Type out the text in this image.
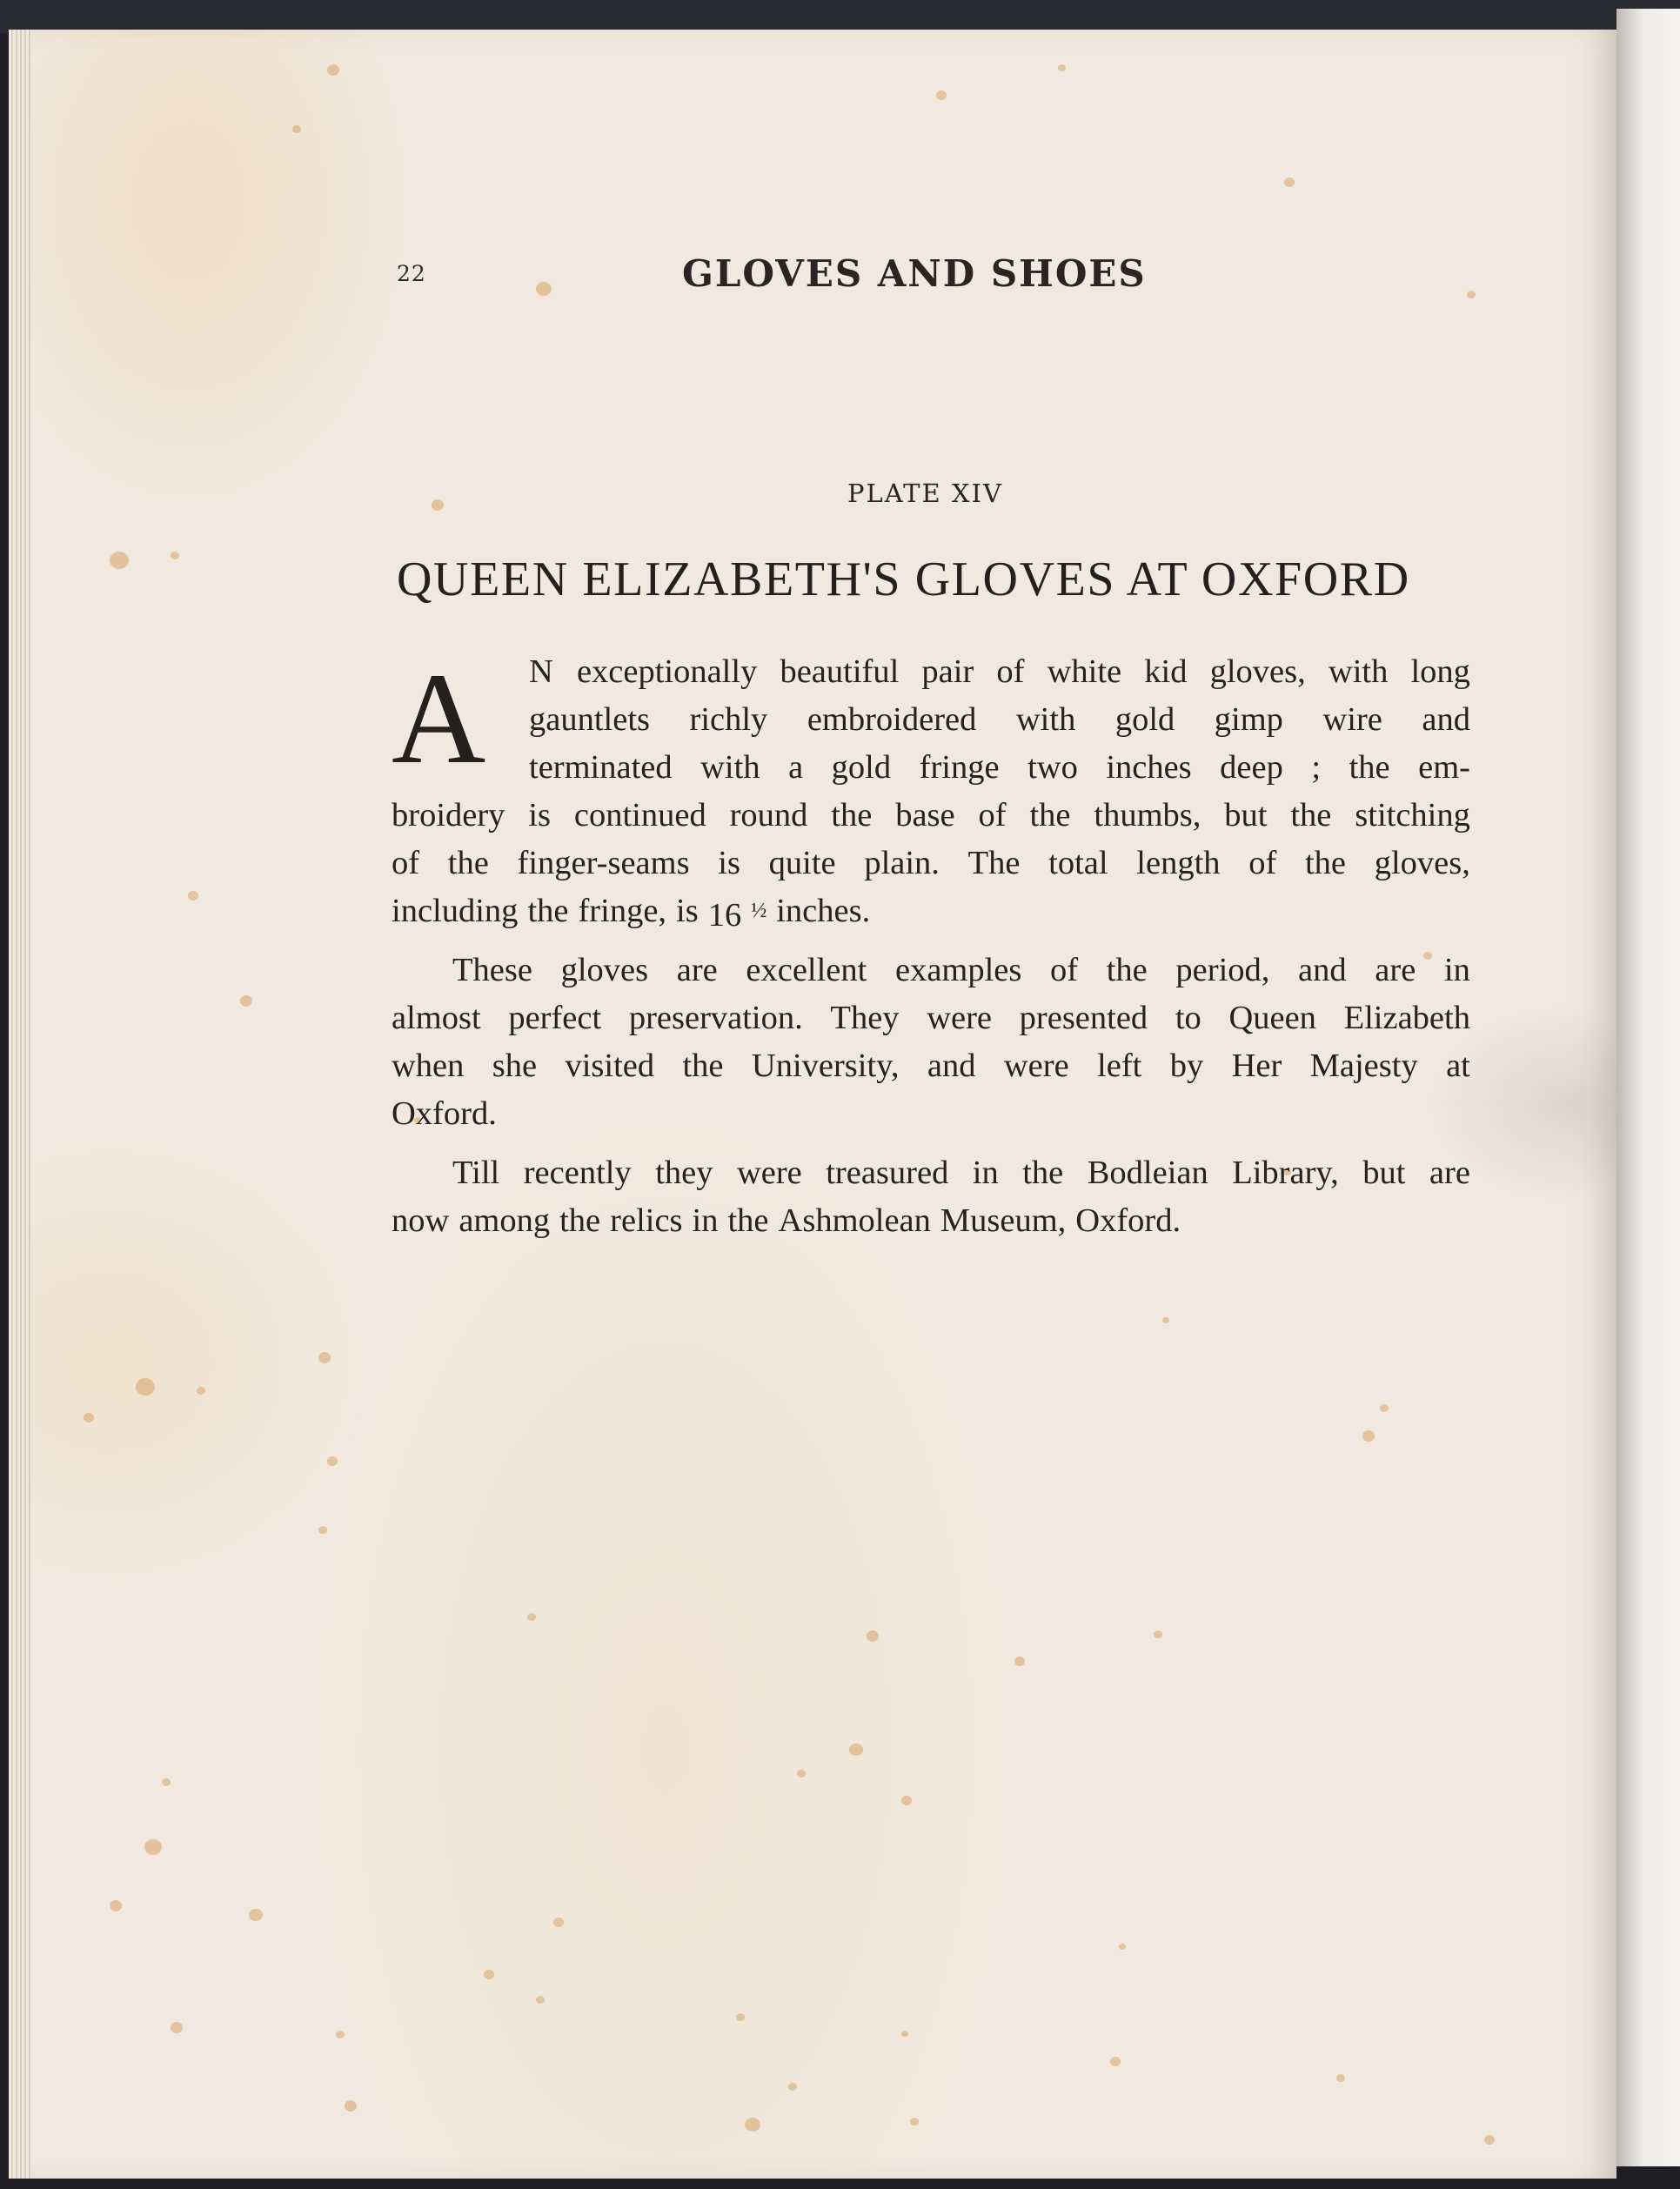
22	GLOVES AND SHOES
PLATE XIV
QUEEN ELIZABETH'S GLOVES AT OXFORD
A N exceptionally beautiful pair of white kid gloves, with long
gauntlets richly embroidered with gold gimp wire and
terminated with a gold fringe two inches deep ; the em-
broidery is continued round the base of the thumbs, but the stitching
of the finger-seams is quite plain. The total length of the gloves,
including the fringe, is 16 $^{\frac{1}{2}}$ inches.
These gloves are excellent examples of the period, and are in
almost perfect preservation. They were presented to Queen Elizabeth
when she visited the University, and were left by Her Majesty at
Oxford.
Till recently they were treasured in the Bodleian Library, but are
now among the relics in the Ashmolean Museum, Oxford.
